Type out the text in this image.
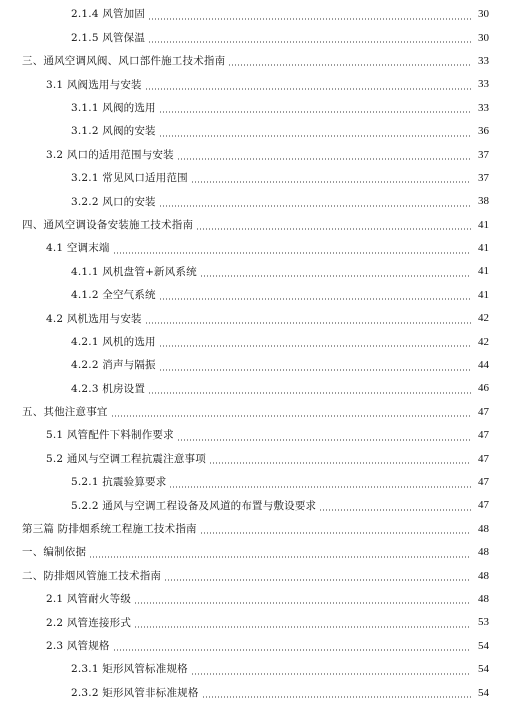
2.1.4 风管加固	30
2.1.5 风管保温	30
三、通风空调风阀、风口部件施工技术指南	33
3.1 风阀选用与安装	33
3.1.1 风阀的选用	33
3.1.2 风阀的安装	36
3.2 风口的适用范围与安装	37
3.2.1 常见风口适用范围	37
3.2.2 风口的安装	38
四、通风空调设备安装施工技术指南	41
4.1 空调末端	41
4.1.1 风机盘管+新风系统	41
4.1.2 全空气系统	41
4.2 风机选用与安装	42
4.2.1 风机的选用	42
4.2.2 消声与隔振	44
4.2.3 机房设置	46
五、其他注意事宜	47
5.1 风管配件下料制作要求	47
5.2 通风与空调工程抗震注意事项	47
5.2.1 抗震验算要求	47
5.2.2 通风与空调工程设备及风道的布置与敷设要求	47
第三篇 防排烟系统工程施工技术指南	48
一、编制依据	48
二、防排烟风管施工技术指南	48
2.1 风管耐火等级	48
2.2 风管连接形式	53
2.3 风管规格	54
2.3.1 矩形风管标准规格	54
2.3.2 矩形风管非标准规格	54
